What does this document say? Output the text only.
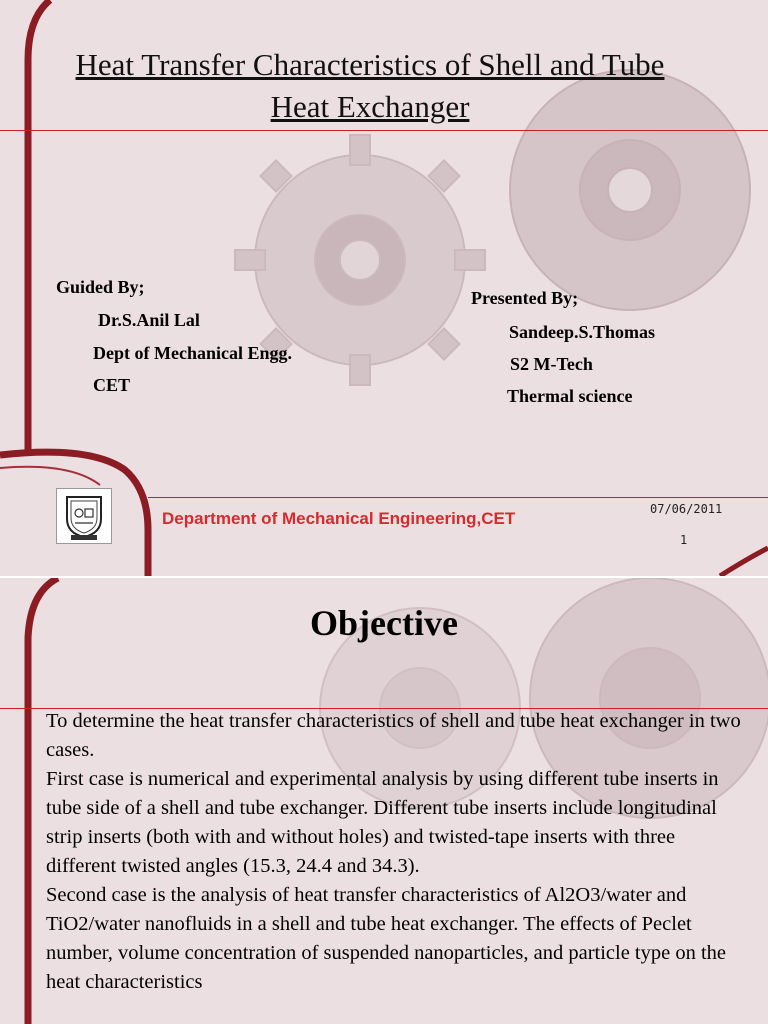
Heat Transfer Characteristics of Shell and Tube
Heat Exchanger
Guided By;
Dr.S.Anil Lal
Dept of Mechanical Engg.
CET
Presented By;
Sandeep.S.Thomas
S2 M-Tech
Thermal science
Department of Mechanical Engineering,CET	07/06/2011
1
Objective

To determine the heat transfer characteristics of shell and tube heat exchanger in two cases.

First case is numerical and experimental analysis by using different tube inserts in tube side of a shell and tube exchanger. Different tube inserts include longitudinal strip inserts (both with and without holes) and twisted-tape inserts with three different twisted angles (15.3, 24.4 and 34.3).

Second case is the analysis of heat transfer characteristics of Al2O3/water and TiO2/water nanofluids in a shell and tube heat exchanger. The effects of Peclet number, volume concentration of suspended nanoparticles, and particle type on the heat characteristics
